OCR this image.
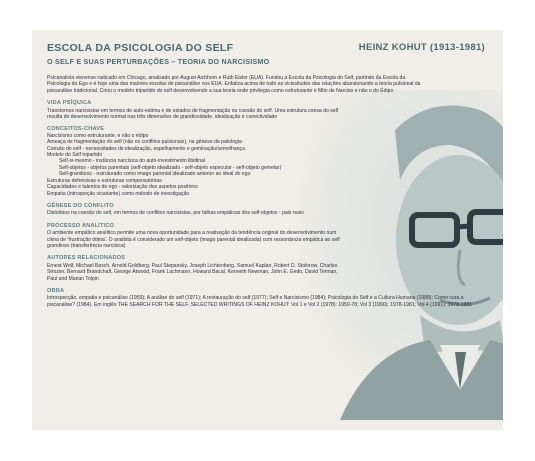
ESCOLA DA PSICOLOGIA DO SELF
O SELF E SUAS PERTURBAÇÕES – TEORIA DO NARCISISMO
HEINZ KOHUT (1913-1981)

Psicanalista vienense radicado em Chicago, analisado por August Aichhorn e Ruth Eisler (EUA). Fundou a Escola da Psicologia do Self, partindo da Escola da Psicologia do Ego e é hoje uma das maiores escolas de psicanálise nos EUA. Enfatiza acima de tudo as vicissitudes das relações abandonando a teoria pulsional da psicanálise tradicional. Criou o modelo tripartido do self desenvolvendo a sua teoria onde privilegia como estruturante o Mito de Narciso e não o do Édipo

VIDA PSÍQUICA

Transtornos narcisistas em termos de auto-estima e de estados de fragmentação ou coesão do self. Uma estrutura coesa do self resulta do desenvolvimento normal nas três dimensões de grandiosidade, idealização e conectividade

CONCEITOS-CHAVE

Narcisismo como estruturante, e não o édipo

Ameaça de fragmentação do self (não os conflitos pulsionais), na gênese da patologia

Coesão do self - necessidades de idealização, espelhamento e geminação/semelhança

Modelo do Self tripartido

Self-si-mesmo - instância narcísica do auto-investimento libidinal

Self-objetos - objetos parentais (self-objeto idealizado - self-objeto especular - self-objeto gemelar)

Self-grandioso - estruturado como imago parental idealizado anterior ao ideal do ego

Estruturas defensivas e estruturas compensatórias

Capacidades e talentos do ego - valorização dos aspetos positivos

Empatia (introspeção vicariante) como método de investigação

GÊNESE DO CONFLITO

Distúrbios na coesão do self, em termos de conflitos narcisistas, por falhas empáticas dos self-objetos - pais reais

PROCESSO ANALÍTICO

O ambiente empático analítico permite uma nova oportunidade para a reativação da tendência original do desenvolvimento num clima de 'frustração ótima'. O analista é considerado um self-objeto (imago parental idealizada) com ressonância empática ao self grandioso (transferência narcísica)

AUTORES RELACIONADOS

Ernest Wolf, Michael Basch, Arnold Goldberg, Paul Stepansky, Joseph Lichtenberg, Samuel Kaplan, Robert D. Stolorow, Charles Strozier, Bernard Brandchaft, George Atwood, Frank Lachmann, Howard Bacal, Kenneth Newman, John E. Gedo, David Terman, Paul and Marian Tolpin

OBRA

Introspecção, empatia e psicanálise (1959); A análise do self (1971); A restauração do self (1977); Self e Narcisismo (1984); Psicologia do Self e a Cultura Humana (1988); Como cura a psicanálise? (1984). Em inglês THE SEARCH FOR THE SELF, SELECTED WRITINGS OF HEINZ KOHUT: Vol 1 e Vol 2 (1978): 1950-78; Vol 3 (1990): 1978-1981; Vol 4 (1991): 1978-1981
